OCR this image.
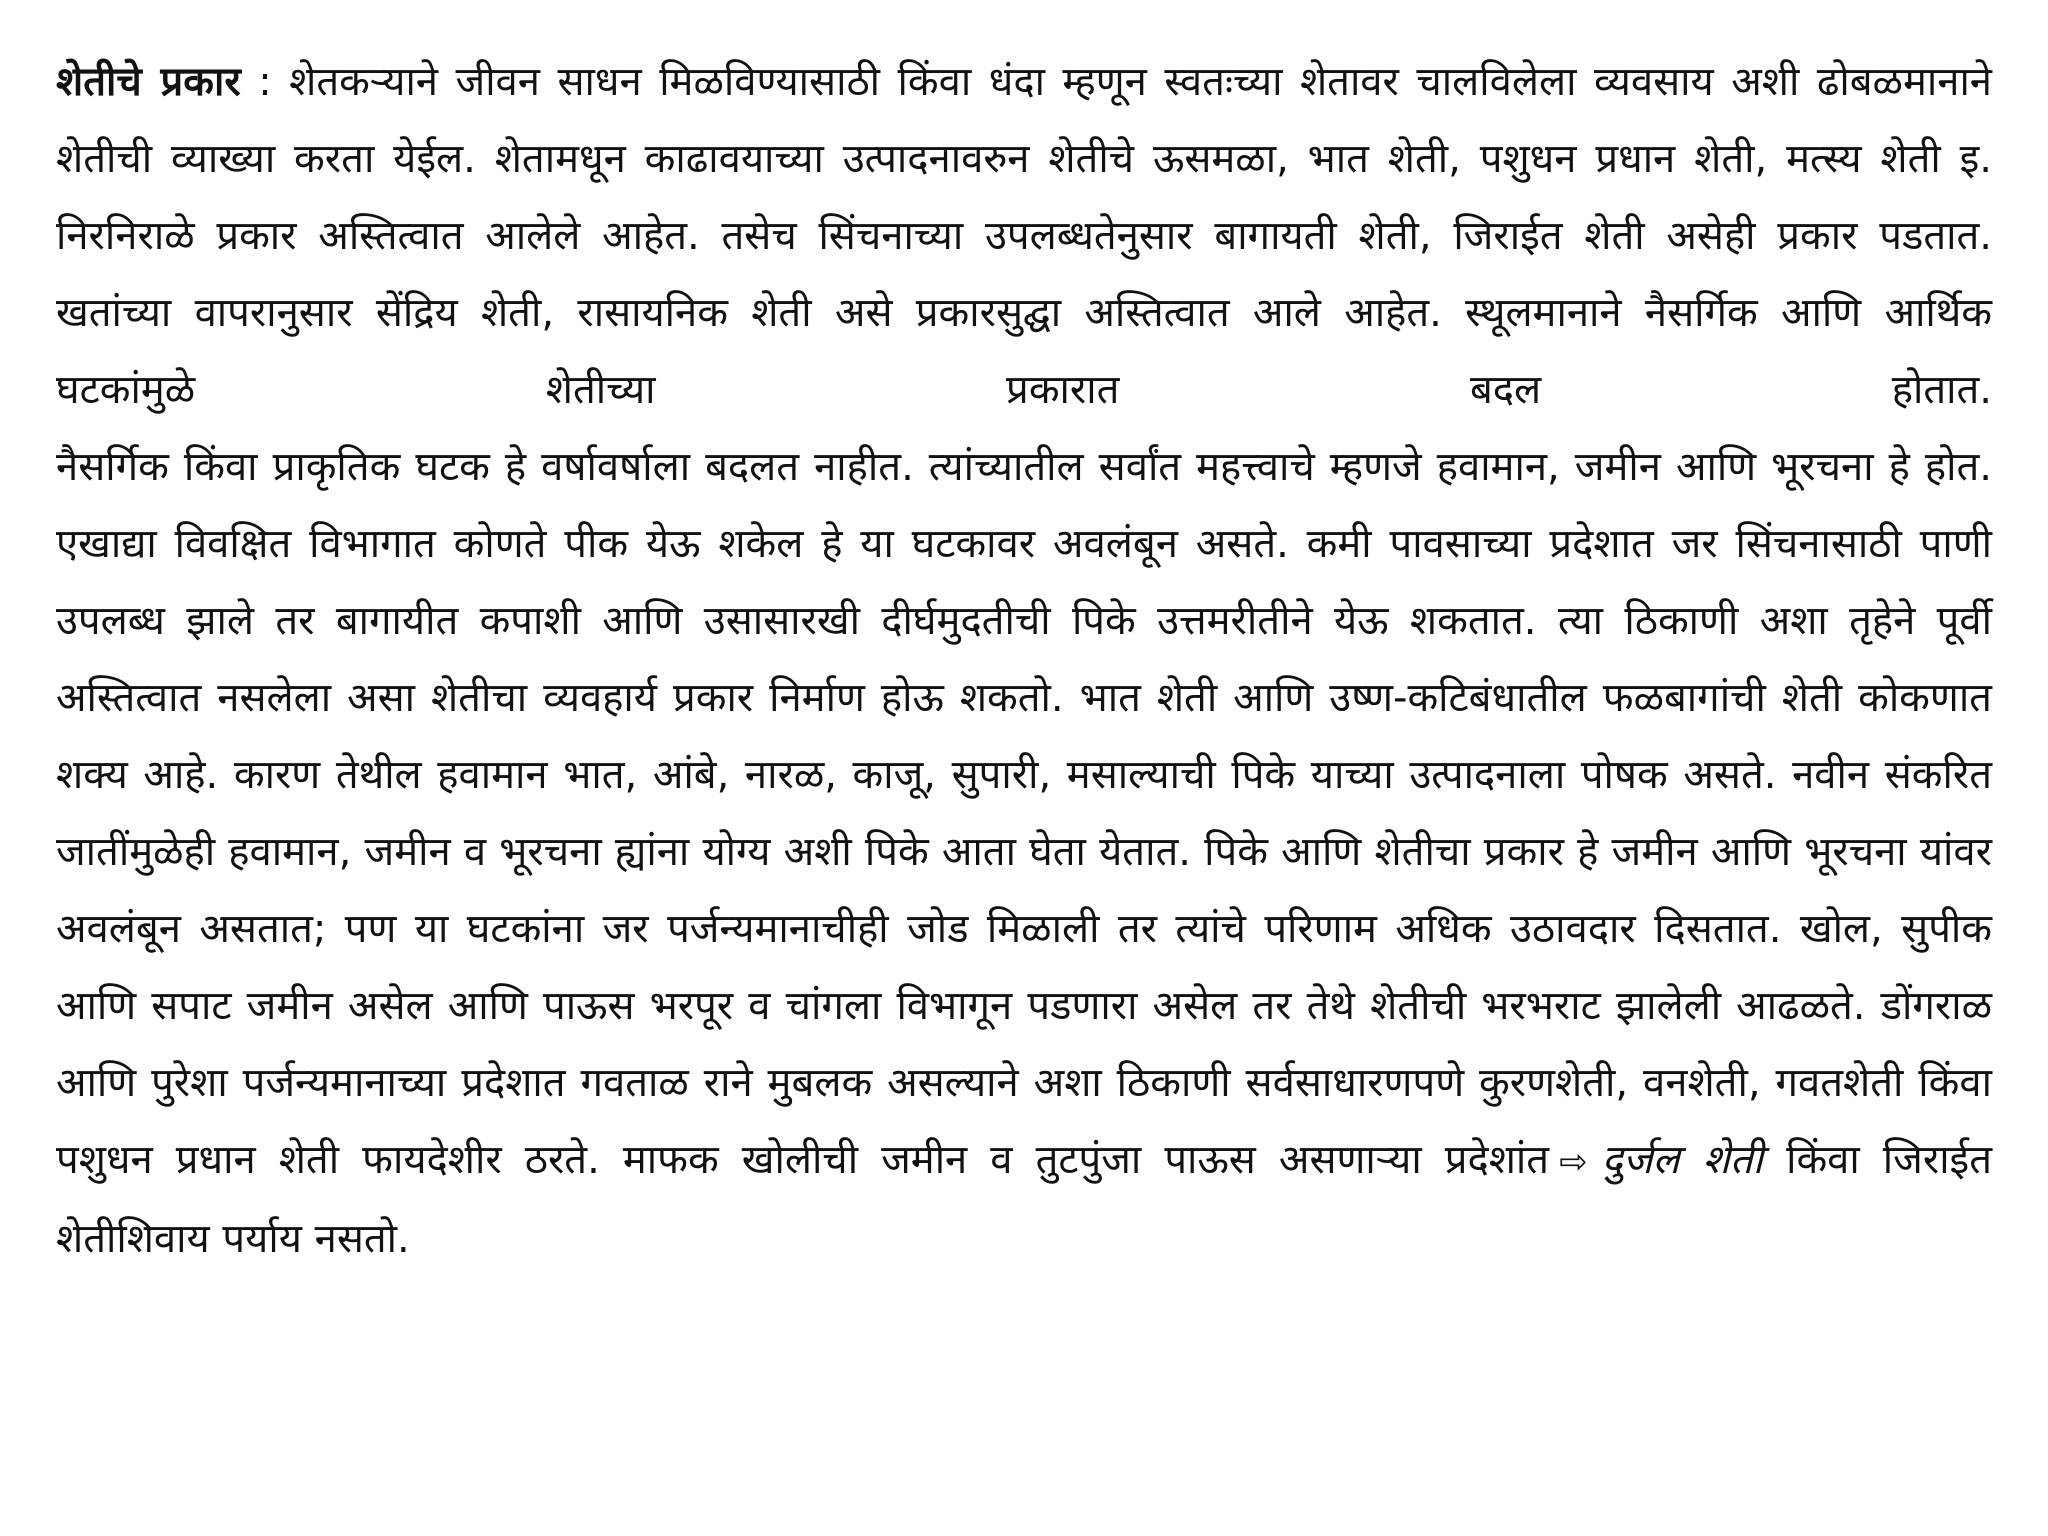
शेतीचे प्रकार : शेतकऱ्याने जीवन साधन मिळविण्यासाठी किंवा धंदा म्हणून स्वतःच्या शेतावर चालविलेला व्यवसाय अशी ढोबळमानाने शेतीची व्याख्या करता येईल. शेतामधून काढावयाच्या उत्पादनावरुन शेतीचे ऊसमळा, भात शेती, पशुधन प्रधान शेती, मत्स्य शेती इ. निरनिराळे प्रकार अस्तित्वात आलेले आहेत. तसेच सिंचनाच्या उपलब्धतेनुसार बागायती शेती, जिराईत शेती असेही प्रकार पडतात. खतांच्या वापरानुसार सेंद्रिय शेती, रासायनिक शेती असे प्रकारसुद्घा अस्तित्वात आले आहेत. स्थूलमानाने नैसर्गिक आणि आर्थिक घटकांमुळे शेतीच्या प्रकारात बदल होतात.

नैसर्गिक किंवा प्राकृतिक घटक हे वर्षावर्षाला बदलत नाहीत. त्यांच्यातील सर्वांत महत्त्वाचे म्हणजे हवामान, जमीन आणि भूरचना हे होत. एखाद्या विवक्षित विभागात कोणते पीक येऊ शकेल हे या घटकावर अवलंबून असते. कमी पावसाच्या प्रदेशात जर सिंचनासाठी पाणी उपलब्ध झाले तर बागायीत कपाशी आणि उसासारखी दीर्घमुदतीची पिके उत्तमरीतीने येऊ शकतात. त्या ठिकाणी अशा तृहेने पूर्वी अस्तित्वात नसलेला असा शेतीचा व्यवहार्य प्रकार निर्माण होऊ शकतो. भात शेती आणि उष्ण-कटिबंधातील फळबागांची शेती कोकणात शक्य आहे. कारण तेथील हवामान भात, आंबे, नारळ, काजू, सुपारी, मसाल्याची पिके याच्या उत्पादनाला पोषक असते. नवीन संकरित जातींमुळेही हवामान, जमीन व भूरचना ह्यांना योग्य अशी पिके आता घेता येतात. पिके आणि शेतीचा प्रकार हे जमीन आणि भूरचना यांवर अवलंबून असतात; पण या घटकांना जर पर्जन्यमानाचीही जोड मिळाली तर त्यांचे परिणाम अधिक उठावदार दिसतात. खोल, सुपीक आणि सपाट जमीन असेल आणि पाऊस भरपूर व चांगला विभागून पडणारा असेल तर तेथे शेतीची भरभराट झालेली आढळते. डोंगराळ आणि पुरेशा पर्जन्यमानाच्या प्रदेशात गवताळ राने मुबलक असल्याने अशा ठिकाणी सर्वसाधारणपणे कुरणशेती, वनशेती, गवतशेती किंवा पशुधन प्रधान शेती फायदेशीर ठरते. माफक खोलीची जमीन व तुटपुंजा पाऊस असणाऱ्या प्रदेशांत ⇨ दुर्जल शेती किंवा जिराईत शेतीशिवाय पर्याय नसतो.
